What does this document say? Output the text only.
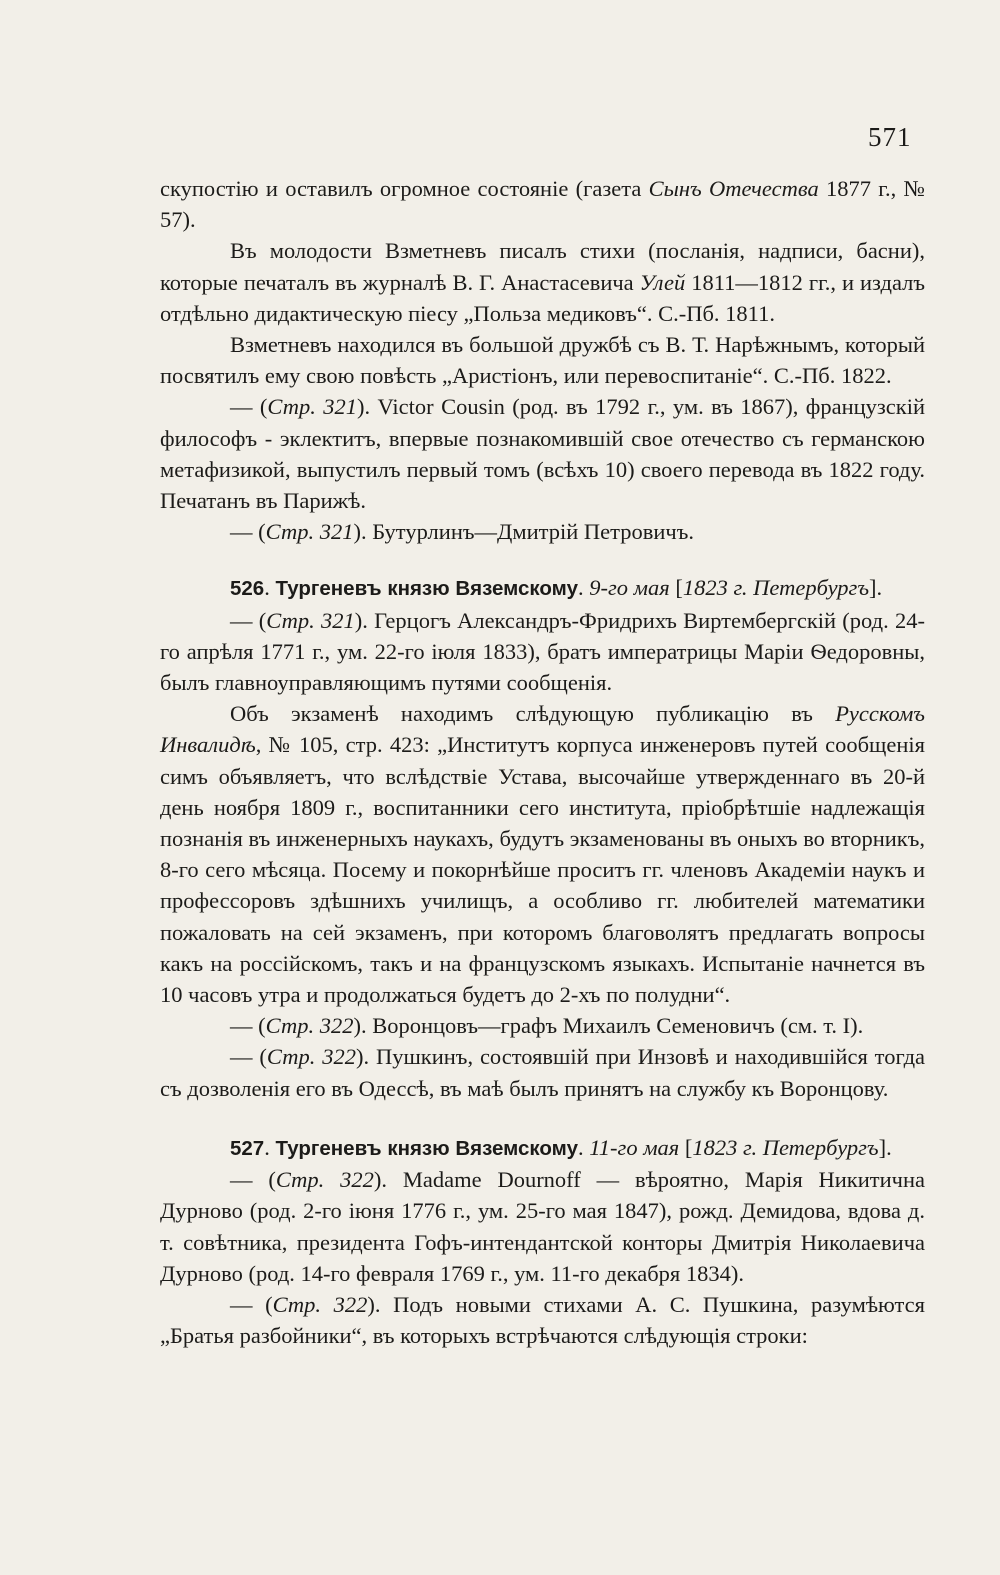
571

скупостію и оставилъ огромное состояніе (газета Сынъ Отечества 1877 г., № 57).

Въ молодости Взметневъ писалъ стихи (посланія, надписи, басни), которые печаталъ въ журналѣ В. Г. Анастасевича Улей 1811—1812 гг., и издалъ отдѣльно дидактическую піесу „Польза медиковъ“. С.-Пб. 1811.

Взметневъ находился въ большой дружбѣ съ В. Т. Нарѣжнымъ, который посвятилъ ему свою повѣсть „Аристіонъ, или перевоспитаніе“. С.-Пб. 1822.

— (Стр. 321). Victor Cousin (род. въ 1792 г., ум. въ 1867), французскій философъ - эклектитъ, впервые познакомившій свое отечество съ германскою метафизикой, выпустилъ первый томъ (всѣхъ 10) своего перевода въ 1822 году. Печатанъ въ Парижѣ.

— (Стр. 321). Бутурлинъ—Дмитрій Петровичъ.

526. Тургеневъ князю Вяземскому. 9-го мая [1823 г. Петербургъ].

— (Стр. 321). Герцогъ Александръ-Фридрихъ Виртембергскій (род. 24-го апрѣля 1771 г., ум. 22-го іюля 1833), братъ императрицы Маріи Ѳедоровны, былъ главноуправляющимъ путями сообщенія.

Объ экзаменѣ находимъ слѣдующую публикацію въ Русскомъ Инвалидѣ, № 105, стр. 423: „Институтъ корпуса инженеровъ путей сообщенія симъ объявляетъ, что вслѣдствіе Устава, высочайше утвержденнаго въ 20-й день ноября 1809 г., воспитанники сего института, пріобрѣтшіе надлежащія познанія въ инженерныхъ наукахъ, будутъ экзаменованы въ оныхъ во вторникъ, 8-го сего мѣсяца. Посему и покорнѣйше проситъ гг. членовъ Академіи наукъ и профессоровъ здѣшнихъ училищъ, а особливо гг. любителей математики пожаловать на сей экзаменъ, при которомъ благоволятъ предлагать вопросы какъ на россійскомъ, такъ и на французскомъ языкахъ. Испытаніе начнется въ 10 часовъ утра и продолжаться будетъ до 2-хъ по полудни“.

— (Стр. 322). Воронцовъ—графъ Михаилъ Семеновичъ (см. т. I).

— (Стр. 322). Пушкинъ, состоявшій при Инзовѣ и находившійся тогда съ дозволенія его въ Одессѣ, въ маѣ былъ принятъ на службу къ Воронцову.

527. Тургеневъ князю Вяземскому. 11-го мая [1823 г. Петербургъ].

— (Стр. 322). Madame Dournoff — вѣроятно, Марія Никитична Дурново (род. 2-го іюня 1776 г., ум. 25-го мая 1847), рожд. Демидова, вдова д. т. совѣтника, президента Гофъ-интендантской конторы Дмитрія Николаевича Дурново (род. 14-го февраля 1769 г., ум. 11-го декабря 1834).

— (Стр. 322). Подъ новыми стихами А. С. Пушкина, разумѣются „Братья разбойники“, въ которыхъ встрѣчаются слѣдующія строки:
